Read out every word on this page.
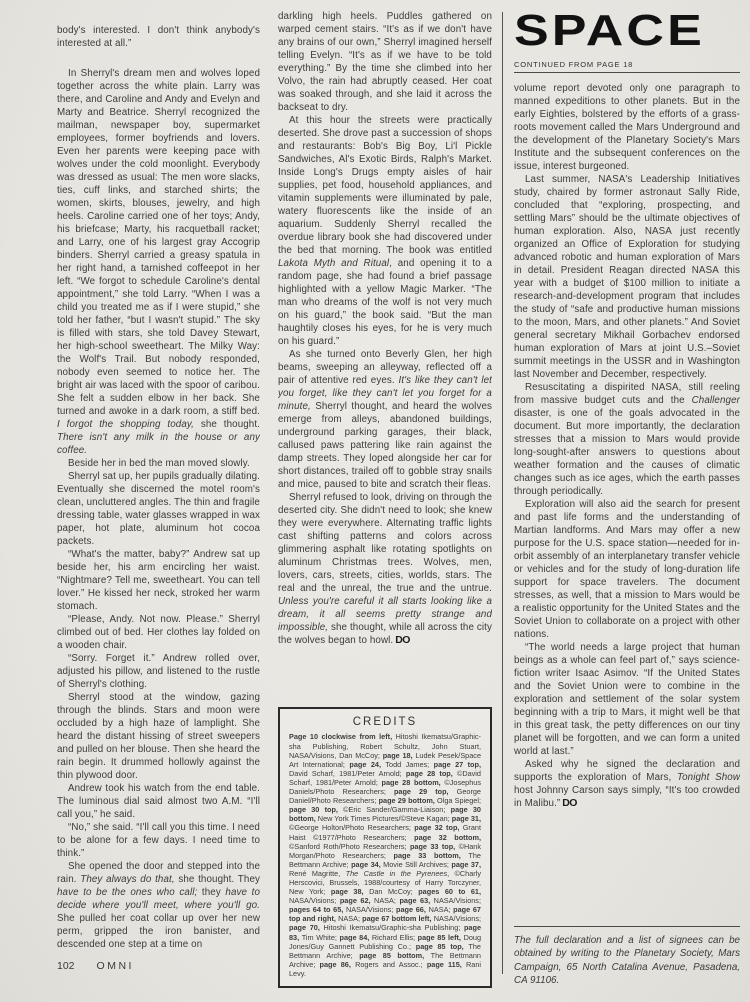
body's interested. I don't think anybody's interested at all.”

In Sherryl's dream men and wolves loped together across the white plain. Larry was there, and Caroline and Andy and Evelyn and Marty and Beatrice. Sherryl recognized the mailman, newspaper boy, supermarket employees, former boyfriends and lovers. Even her parents were keeping pace with wolves under the cold moonlight. Everybody was dressed as usual: The men wore slacks, ties, cuff links, and starched shirts; the women, skirts, blouses, jewelry, and high heels. Caroline carried one of her toys; Andy, his briefcase; Marty, his racquetball racket; and Larry, one of his largest gray Accogrip binders. Sherryl carried a greasy spatula in her right hand, a tarnished coffeepot in her left. “We forgot to schedule Caroline's dental appointment,” she told Larry. “When I was a child you treated me as if I were stupid,” she told her father, “but I wasn't stupid.” The sky is filled with stars, she told Davey Stewart, her high-school sweetheart. The Milky Way: the Wolf's Trail. But nobody responded, nobody even seemed to notice her. The bright air was laced with the spoor of caribou. She felt a sudden elbow in her back. She turned and awoke in a dark room, a stiff bed. I forgot the shopping today, she thought. There isn't any milk in the house or any coffee.

Beside her in bed the man moved slowly.

Sherryl sat up, her pupils gradually dilating. Eventually she discerned the motel room's clean, uncluttered angles. The thin and fragile dressing table, water glasses wrapped in wax paper, hot plate, aluminum hot cocoa packets.

“What's the matter, baby?” Andrew sat up beside her, his arm encircling her waist. “Nightmare? Tell me, sweetheart. You can tell lover.” He kissed her neck, stroked her warm stomach.

“Please, Andy. Not now. Please.” Sherryl climbed out of bed. Her clothes lay folded on a wooden chair.

“Sorry. Forget it.” Andrew rolled over, adjusted his pillow, and listened to the rustle of Sherryl's clothing.

Sherryl stood at the window, gazing through the blinds. Stars and moon were occluded by a high haze of lamplight. She heard the distant hissing of street sweepers and pulled on her blouse. Then she heard the rain begin. It drummed hollowly against the thin plywood door.

Andrew took his watch from the end table. The luminous dial said almost two A.M. “I'll call you,” he said.

“No,” she said. “I'll call you this time. I need to be alone for a few days. I need time to think.”

She opened the door and stepped into the rain. They always do that, she thought. They have to be the ones who call; they have to decide where you'll meet, where you'll go. She pulled her coat collar up over her new perm, gripped the iron banister, and descended one step at a time on

102 OMNI

darkling high heels. Puddles gathered on warped cement stairs. “It's as if we don't have any brains of our own,” Sherryl imagined herself telling Evelyn. “It's as if we have to be told everything.” By the time she climbed into her Volvo, the rain had abruptly ceased. Her coat was soaked through, and she laid it across the backseat to dry.

At this hour the streets were practically deserted. She drove past a succession of shops and restaurants: Bob's Big Boy, Li'l Pickle Sandwiches, Al's Exotic Birds, Ralph's Market. Inside Long's Drugs empty aisles of hair supplies, pet food, household appliances, and vitamin supplements were illuminated by pale, watery fluorescents like the inside of an aquarium. Suddenly Sherryl recalled the overdue library book she had discovered under the bed that morning. The book was entitled Lakota Myth and Ritual, and opening it to a random page, she had found a brief passage highlighted with a yellow Magic Marker. “The man who dreams of the wolf is not very much on his guard,” the book said. “But the man haughtily closes his eyes, for he is very much on his guard.”

As she turned onto Beverly Glen, her high beams, sweeping an alleyway, reflected off a pair of attentive red eyes. It's like they can't let you forget, like they can't let you forget for a minute, Sherryl thought, and heard the wolves emerge from alleys, abandoned buildings, underground parking garages, their black, callused paws pattering like rain against the damp streets. They loped alongside her car for short distances, trailed off to gobble stray snails and mice, paused to bite and scratch their fleas.

Sherryl refused to look, driving on through the deserted city. She didn't need to look; she knew they were everywhere. Alternating traffic lights cast shifting patterns and colors across glimmering asphalt like rotating spotlights on aluminum Christmas trees. Wolves, men, lovers, cars, streets, cities, worlds, stars. The real and the unreal, the true and the untrue. Unless you're careful it all starts looking like a dream, it all seems pretty strange and impossible, she thought, while all across the city the wolves began to howl. DO

CREDITS
Page 10 clockwise from left, Hitoshi Ikematsu/Graphic-sha Publishing, Robert Schultz, John Stuart, NASA/Visions, Dan McCoy; page 18, Ludek Pesek/Space Art International; page 24, Todd James; page 27 top, David Scharf, 1981/Peter Arnold; page 28 top, ©David Scharf, 1981/Peter Arnold; page 28 bottom, ©Josephus Daniels/Photo Researchers; page 29 top, George Daniel/Photo Researchers; page 29 bottom, Olga Spiegel; page 30 top, ©Eric Sander/Gamma-Liaison; page 30 bottom, New York Times Pictures/©Steve Kagan; page 31, ©George Holton/Photo Researchers; page 32 top, Grant Haist ©1977/Photo Researchers; page 32 bottom, ©Sanford Roth/Photo Researchers; page 33 top, ©Hank Morgan/Photo Researchers; page 33 bottom, The Bettmann Archive; page 34, Movie Still Archives; page 37, René Magritte, The Castle in the Pyrenees, ©Charly Herscovici, Brussels, 1988/courtesy of Harry Torczyner, New York; page 38, Dan McCoy; pages 60 to 61, NASA/Visions; page 62, NASA; page 63, NASA/Visions; pages 64 to 65, NASA/Visions; page 66, NASA; page 67 top and right, NASA; page 67 bottom left, NASA/Visions; page 70, Hitoshi Ikematsu/Graphic-sha Publishing; page 83, Tim White; page 84, Richard Ellis; page 85 left, Doug Jones/Guy Gannett Publishing Co.; page 85 top, The Bettmann Archive; page 85 bottom, The Bettmann Archive; page 86, Rogers and Assoc.; page 115, Rani Levy.
SPACE
CONTINUED FROM PAGE 18

volume report devoted only one paragraph to manned expeditions to other planets. But in the early Eighties, bolstered by the efforts of a grass-roots movement called the Mars Underground and the development of the Planetary Society's Mars Institute and the subsequent conferences on the issue, interest burgeoned.

Last summer, NASA's Leadership Initiatives study, chaired by former astronaut Sally Ride, concluded that “exploring, prospecting, and settling Mars” should be the ultimate objectives of human exploration. Also, NASA just recently organized an Office of Exploration for studying advanced robotic and human exploration of Mars in detail. President Reagan directed NASA this year with a budget of $100 million to initiate a research-and-development program that includes the study of “safe and productive human missions to the moon, Mars, and other planets.” And Soviet general secretary Mikhail Gorbachev endorsed human exploration of Mars at joint U.S.–Soviet summit meetings in the USSR and in Washington last November and December, respectively.

Resuscitating a dispirited NASA, still reeling from massive budget cuts and the Challenger disaster, is one of the goals advocated in the document. But more importantly, the declaration stresses that a mission to Mars would provide long-sought-after answers to questions about weather formation and the causes of climatic changes such as ice ages, which the earth passes through periodically.

Exploration will also aid the search for present and past life forms and the understanding of Martian landforms. And Mars may offer a new purpose for the U.S. space station—needed for in-orbit assembly of an interplanetary transfer vehicle or vehicles and for the study of long-duration life support for space travelers. The document stresses, as well, that a mission to Mars would be a realistic opportunity for the United States and the Soviet Union to collaborate on a project with other nations.

“The world needs a large project that human beings as a whole can feel part of,” says science-fiction writer Isaac Asimov. “If the United States and the Soviet Union were to combine in the exploration and settlement of the solar system beginning with a trip to Mars, it might well be that in this great task, the petty differences on our tiny planet will be forgotten, and we can form a united world at last.”

Asked why he signed the declaration and supports the exploration of Mars, Tonight Show host Johnny Carson says simply, “It's too crowded in Malibu.” DO

The full declaration and a list of signees can be obtained by writing to the Planetary Society, Mars Campaign, 65 North Catalina Avenue, Pasadena, CA 91106.
